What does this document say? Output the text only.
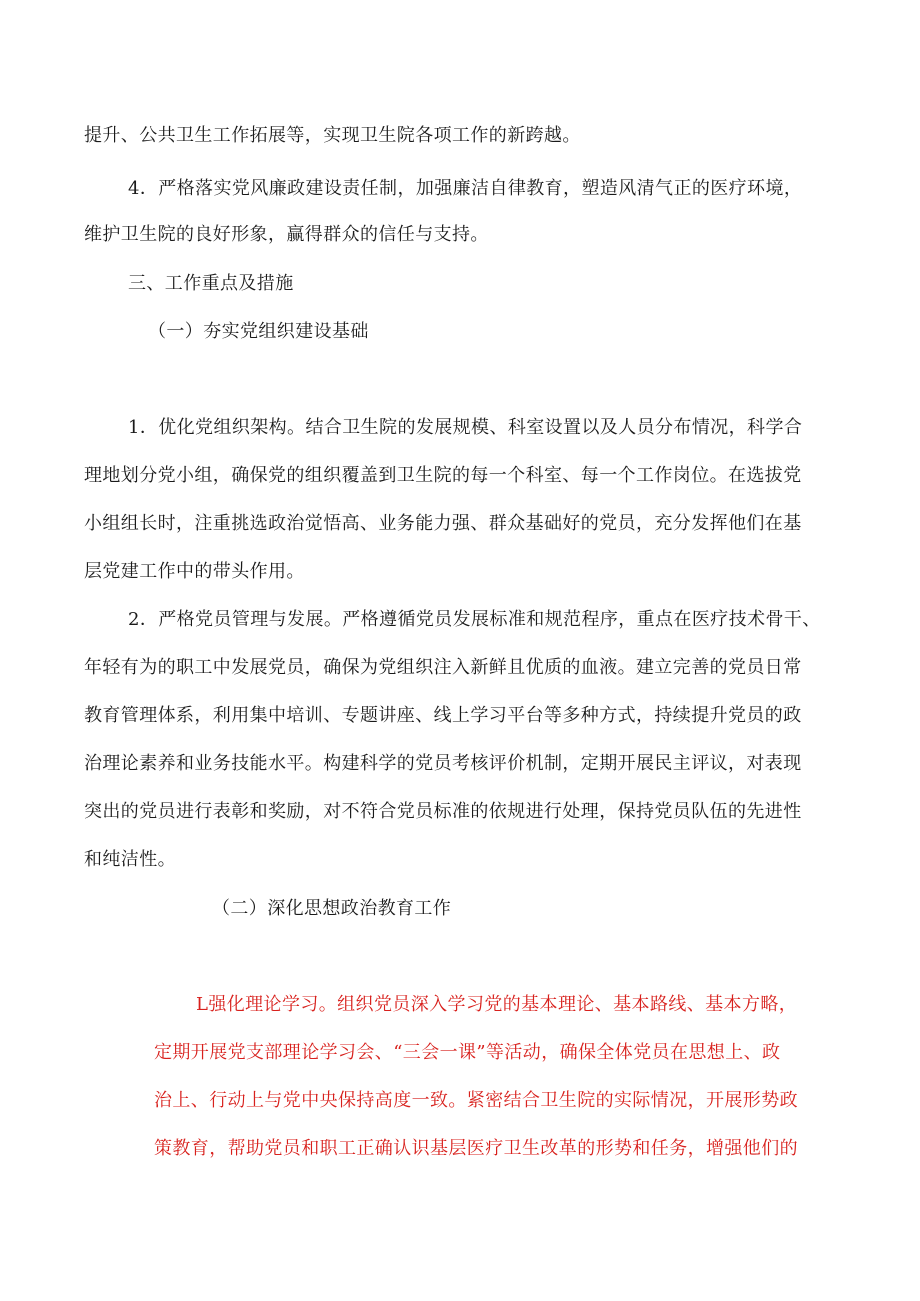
提升、公共卫生工作拓展等，实现卫生院各项工作的新跨越。
4．严格落实党风廉政建设责任制，加强廉洁自律教育，塑造风清气正的医疗环境，
维护卫生院的良好形象，赢得群众的信任与支持。
三、工作重点及措施
（一）夯实党组织建设基础
1．优化党组织架构。结合卫生院的发展规模、科室设置以及人员分布情况，科学合
理地划分党小组，确保党的组织覆盖到卫生院的每一个科室、每一个工作岗位。在选拔党
小组组长时，注重挑选政治觉悟高、业务能力强、群众基础好的党员，充分发挥他们在基
层党建工作中的带头作用。
2．严格党员管理与发展。严格遵循党员发展标准和规范程序，重点在医疗技术骨干、
年轻有为的职工中发展党员，确保为党组织注入新鲜且优质的血液。建立完善的党员日常
教育管理体系，利用集中培训、专题讲座、线上学习平台等多种方式，持续提升党员的政
治理论素养和业务技能水平。构建科学的党员考核评价机制，定期开展民主评议，对表现
突出的党员进行表彰和奖励，对不符合党员标准的依规进行处理，保持党员队伍的先进性
和纯洁性。
（二）深化思想政治教育工作
L强化理论学习。组织党员深入学习党的基本理论、基本路线、基本方略，
定期开展党支部理论学习会、“三会一课”等活动，确保全体党员在思想上、政
治上、行动上与党中央保持高度一致。紧密结合卫生院的实际情况，开展形势政
策教育，帮助党员和职工正确认识基层医疗卫生改革的形势和任务，增强他们的
